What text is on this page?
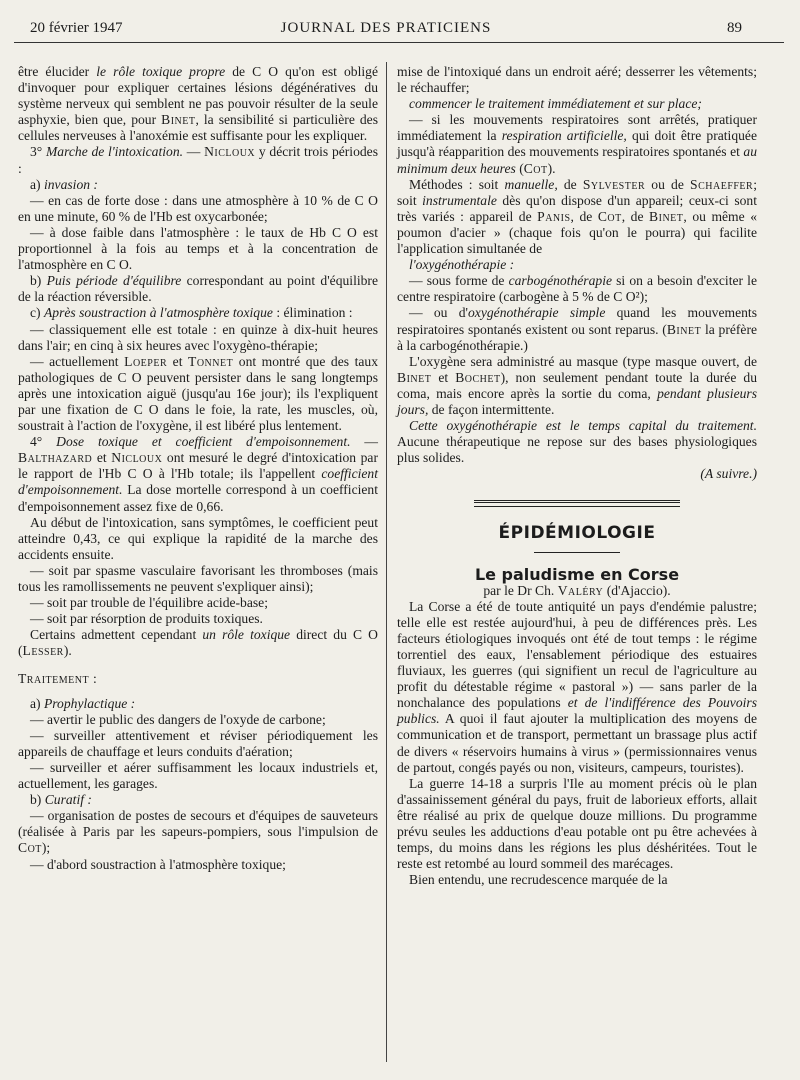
20 février 1947	JOURNAL DES PRATICIENS	89

être élucider le rôle toxique propre de C O qu'on est obligé d'invoquer pour expliquer certaines lésions dégénératives du système nerveux qui semblent ne pas pouvoir résulter de la seule asphyxie, bien que, pour Binet, la sensibilité si particulière des cellules nerveuses à l'anoxémie est suffisante pour les expliquer.

3° Marche de l'intoxication. — Nicloux y décrit trois périodes :

a) invasion :

— en cas de forte dose : dans une atmosphère à 10 % de C O en une minute, 60 % de l'Hb est oxycarbonée;

— à dose faible dans l'atmosphère : le taux de Hb C O est proportionnel à la fois au temps et à la concentration de l'atmosphère en C O.

b) Puis période d'équilibre correspondant au point d'équilibre de la réaction réversible.

c) Après soustraction à l'atmosphère toxique : élimination :

— classiquement elle est totale : en quinze à dix-huit heures dans l'air; en cinq à six heures avec l'oxygèno-thérapie;

— actuellement Loeper et Tonnet ont montré que des taux pathologiques de C O peuvent persister dans le sang longtemps après une intoxication aiguë (jusqu'au 16e jour); ils l'expliquent par une fixation de C O dans le foie, la rate, les muscles, où, soustrait à l'action de l'oxygène, il est libéré plus lentement.

4° Dose toxique et coefficient d'empoisonnement. — Balthazard et Nicloux ont mesuré le degré d'intoxication par le rapport de l'Hb C O à l'Hb totale; ils l'appellent coefficient d'empoisonnement. La dose mortelle correspond à un coefficient d'empoisonnement assez fixe de 0,66.

Au début de l'intoxication, sans symptômes, le coefficient peut atteindre 0,43, ce qui explique la rapidité de la marche des accidents ensuite.

— soit par spasme vasculaire favorisant les thromboses (mais tous les ramollissements ne peuvent s'expliquer ainsi);

— soit par trouble de l'équilibre acide-base;

— soit par résorption de produits toxiques.

Certains admettent cependant un rôle toxique direct du C O (Lesser).

Traitement :

a) Prophylactique :

— avertir le public des dangers de l'oxyde de carbone;

— surveiller attentivement et réviser périodiquement les appareils de chauffage et leurs conduits d'aération;

— surveiller et aérer suffisamment les locaux industriels et, actuellement, les garages.

b) Curatif :

— organisation de postes de secours et d'équipes de sauveteurs (réalisée à Paris par les sapeurs-pompiers, sous l'impulsion de Cot);

— d'abord soustraction à l'atmosphère toxique;

mise de l'intoxiqué dans un endroit aéré; desserrer les vêtements; le réchauffer;

commencer le traitement immédiatement et sur place;

— si les mouvements respiratoires sont arrêtés, pratiquer immédiatement la respiration artificielle, qui doit être pratiquée jusqu'à réapparition des mouvements respiratoires spontanés et au minimum deux heures (Cot).

Méthodes : soit manuelle, de Sylvester ou de Schaeffer; soit instrumentale dès qu'on dispose d'un appareil; ceux-ci sont très variés : appareil de Panis, de Cot, de Binet, ou même « poumon d'acier » (chaque fois qu'on le pourra) qui facilite l'application simultanée de

l'oxygénothérapie :

— sous forme de carbogénothérapie si on a besoin d'exciter le centre respiratoire (carbogène à 5 % de C O²);

— ou d'oxygénothérapie simple quand les mouvements respiratoires spontanés existent ou sont reparus. (Binet la préfère à la carbogénothérapie.)

L'oxygène sera administré au masque (type masque ouvert, de Binet et Bochet), non seulement pendant toute la durée du coma, mais encore après la sortie du coma, pendant plusieurs jours, de façon intermittente.

Cette oxygénothérapie est le temps capital du traitement. Aucune thérapeutique ne repose sur des bases physiologiques plus solides.

(A suivre.)

ÉPIDÉMIOLOGIE
Le paludisme en Corse

par le Dr Ch. Valéry (d'Ajaccio).

La Corse a été de toute antiquité un pays d'endémie palustre; telle elle est restée aujourd'hui, à peu de différences près. Les facteurs étiologiques invoqués ont été de tout temps : le régime torrentiel des eaux, l'ensablement périodique des estuaires fluviaux, les guerres (qui signifient un recul de l'agriculture au profit du détestable régime « pastoral ») — sans parler de la nonchalance des populations et de l'indifférence des Pouvoirs publics. A quoi il faut ajouter la multiplication des moyens de communication et de transport, permettant un brassage plus actif de divers « réservoirs humains à virus » (permissionnaires venus de partout, congés payés ou non, visiteurs, campeurs, touristes).

La guerre 14-18 a surpris l'Ile au moment précis où le plan d'assainissement général du pays, fruit de laborieux efforts, allait être réalisé au prix de quelque douze millions. Du programme prévu seules les adductions d'eau potable ont pu être achevées à temps, du moins dans les régions les plus déshéritées. Tout le reste est retombé au lourd sommeil des marécages.

Bien entendu, une recrudescence marquée de la
